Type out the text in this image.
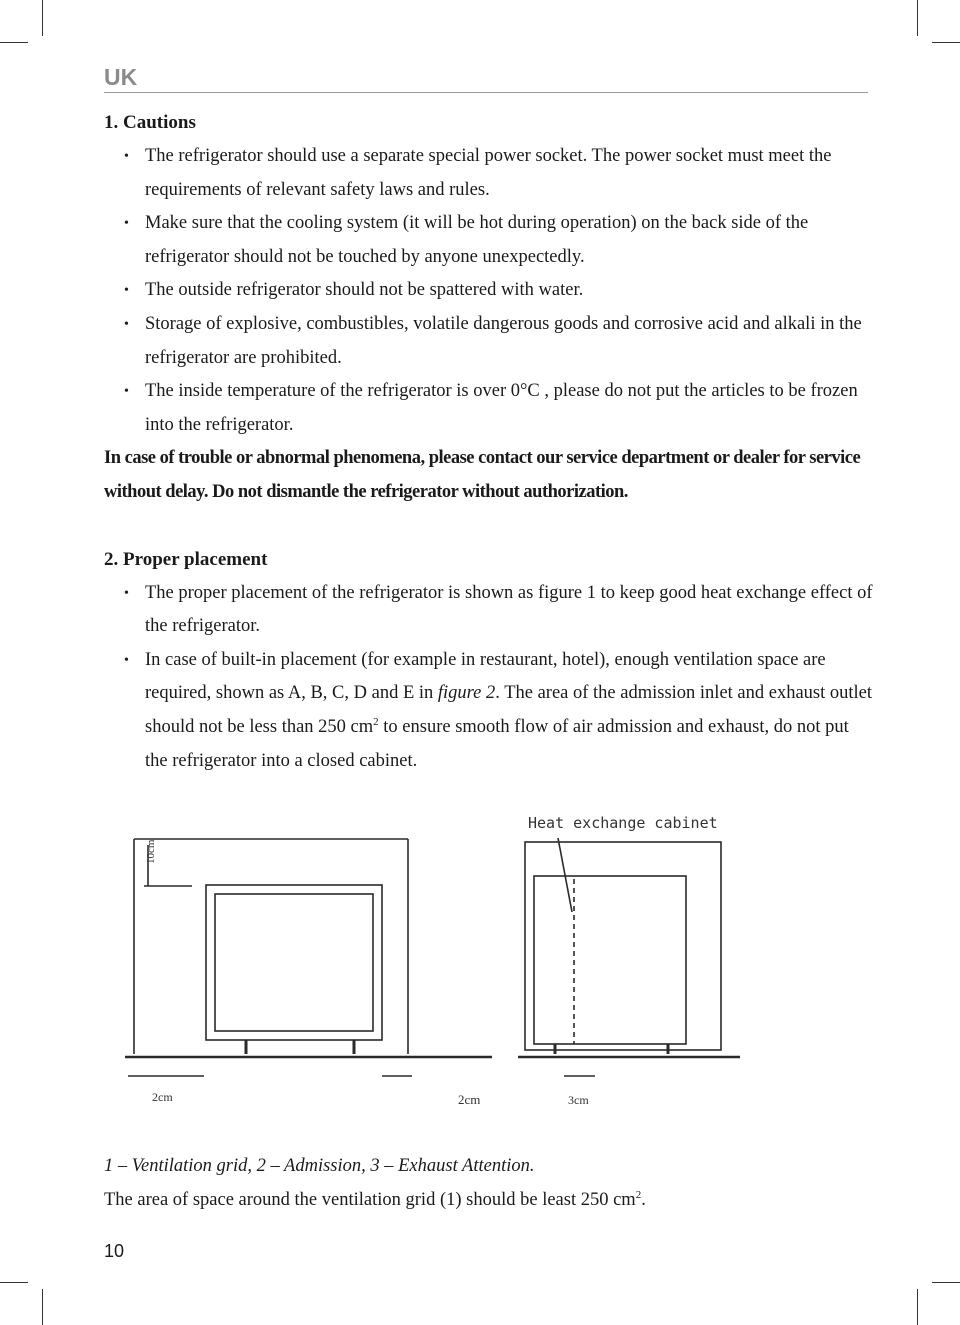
UK

1. Cautions

• The refrigerator should use a separate special power socket. The power socket must meet the requirements of relevant safety laws and rules.
• Make sure that the cooling system (it will be hot during operation) on the back side of the refrigerator should not be touched by anyone unexpectedly.
• The outside refrigerator should not be spattered with water.
• Storage of explosive, combustibles, volatile dangerous goods and corrosive acid and alkali in the refrigerator are prohibited.
• The inside temperature of the refrigerator is over 0°C , please do not put the articles to be frozen into the refrigerator.

In case of trouble or abnormal phenomena, please contact our service department or dealer for service without delay. Do not dismantle the refrigerator without authorization.

2. Proper placement

• The proper placement of the refrigerator is shown as figure 1 to keep good heat exchange effect of the refrigerator.
• In case of built-in placement (for example in restaurant, hotel), enough ventilation space are required, shown as A, B, C, D and E in figure 2. The area of the admission inlet and exhaust outlet should not be less than 250 $cm^2$ to ensure smooth flow of air admission and exhaust, do not put the refrigerator into a closed cabinet.
10cm
2cm	2cm	3cm
Heat exchange cabinet
1 – Ventilation grid, 2 – Admission, 3 – Exhaust Attention.
The area of space around the ventilation grid (1) should be least 250 $cm^2$.
10
